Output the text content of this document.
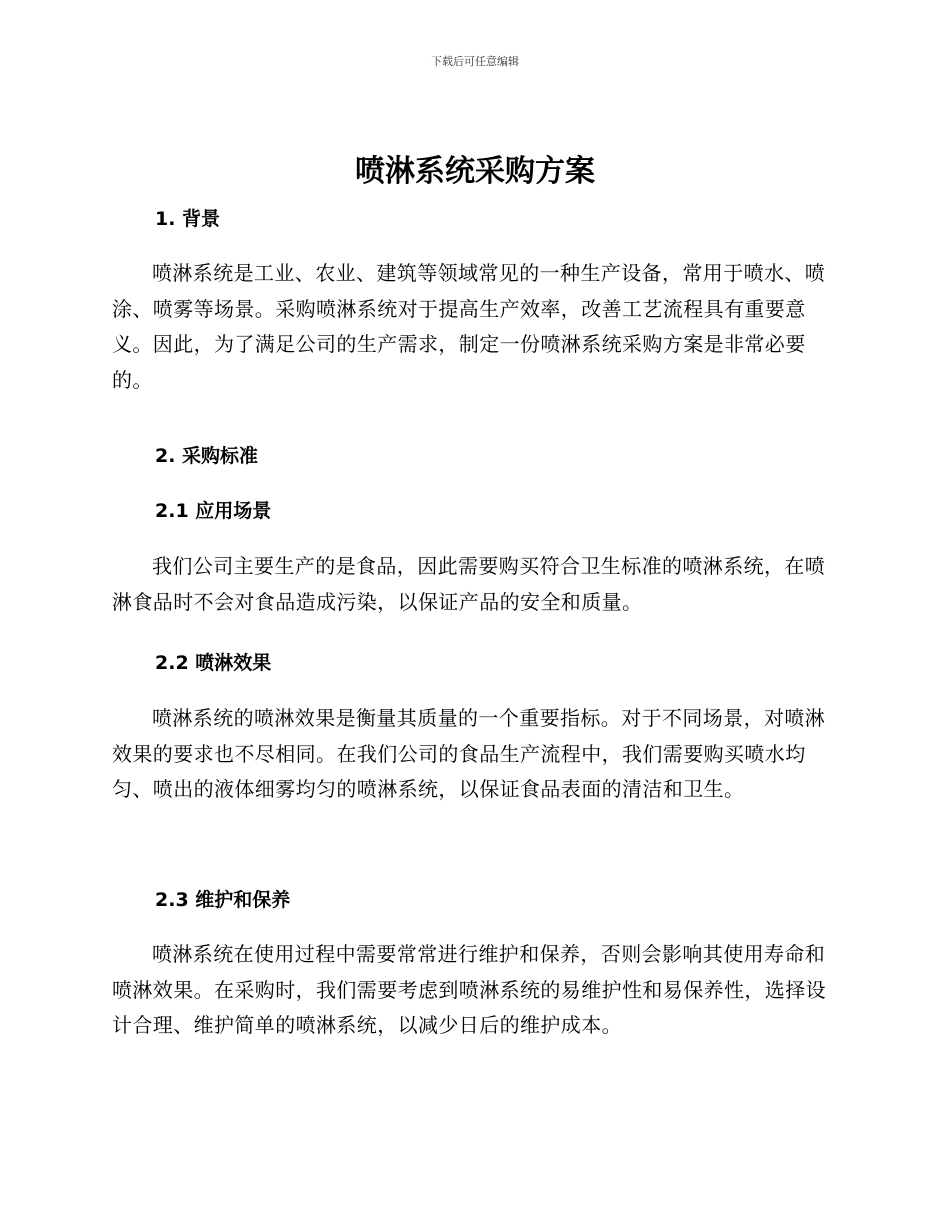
下载后可任意编辑
喷淋系统采购方案
1. 背景

喷淋系统是工业、农业、建筑等领域常见的一种生产设备，常用于喷水、喷涂、喷雾等场景。采购喷淋系统对于提高生产效率，改善工艺流程具有重要意义。因此，为了满足公司的生产需求，制定一份喷淋系统采购方案是非常必要的。

2. 采购标准
2.1 应用场景

我们公司主要生产的是食品，因此需要购买符合卫生标准的喷淋系统，在喷淋食品时不会对食品造成污染，以保证产品的安全和质量。

2.2 喷淋效果

喷淋系统的喷淋效果是衡量其质量的一个重要指标。对于不同场景，对喷淋效果的要求也不尽相同。在我们公司的食品生产流程中，我们需要购买喷水均匀、喷出的液体细雾均匀的喷淋系统，以保证食品表面的清洁和卫生。

2.3 维护和保养

喷淋系统在使用过程中需要常常进行维护和保养，否则会影响其使用寿命和喷淋效果。在采购时，我们需要考虑到喷淋系统的易维护性和易保养性，选择设计合理、维护简单的喷淋系统，以减少日后的维护成本。
